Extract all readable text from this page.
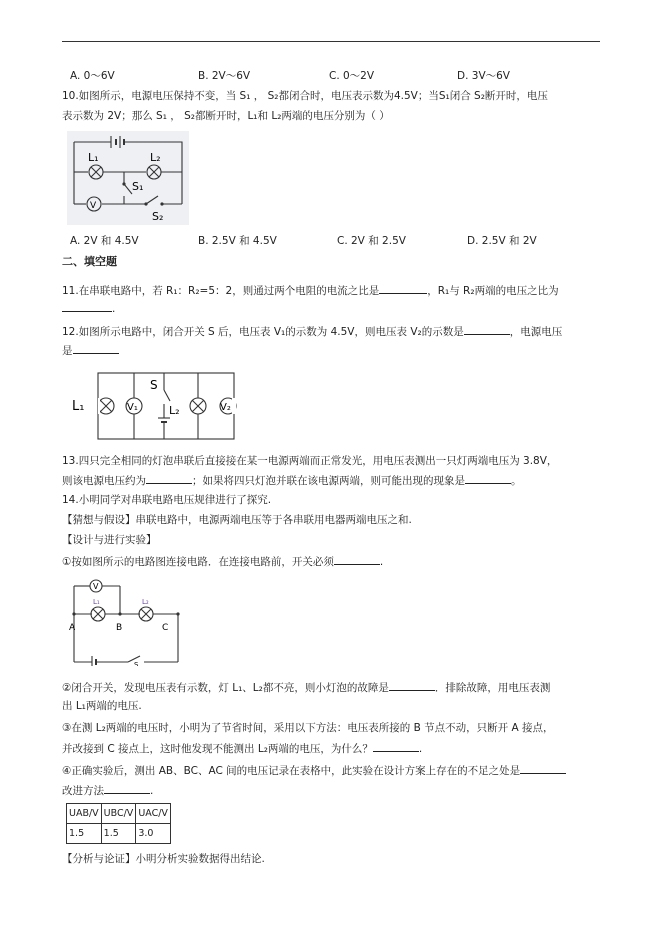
A. 0～6V	B. 2V～6V	C. 0～2V	D. 3V～6V
10.如图所示，电源电压保持不变，当 S₁ ， S₂都闭合时，电压表示数为4.5V；当S₁闭合 S₂断开时，电压
表示数为 2V；那么 S₁ ， S₂都断开时，L₁和 L₂两端的电压分别为（ ）
L₁	L₂
S₁
V
S₂
A. 2V 和 4.5V	B. 2.5V 和 4.5V	C. 2V 和 2.5V	D. 2.5V 和 2V
二、填空题
11.在串联电路中，若 R₁：R₂=5：2，则通过两个电阻的电流之比是	，R₁与 R₂两端的电压之比为
.
12.如图所示电路中，闭合开关 S 后，电压表 V₁的示数为 4.5V，则电压表 V₂的示数是	，电源电压
是
L₁	V₁
S
L₂	V₂
13.四只完全相同的灯泡串联后直接接在某一电源两端而正常发光，用电压表测出一只灯两端电压为 3.8V，
则该电源电压约为	；如果将四只灯泡并联在该电源两端，则可能出现的现象是	。
14.小明同学对串联电路电压规律进行了探究.
【猜想与假设】串联电路中，电源两端电压等于各串联用电器两端电压之和.
【设计与进行实验】
①按如图所示的电路图连接电路．在连接电路前，开关必须	.
V
L₁	L₂
A	B	C
S
②闭合开关，发现电压表有示数，灯 L₁、L₂都不亮，则小灯泡的故障是	．排除故障，用电压表测
出 L₁两端的电压.
③在测 L₂两端的电压时，小明为了节省时间，采用以下方法：电压表所接的 B 节点不动，只断开 A 接点，
并改接到 C 接点上，这时他发现不能测出 L₂两端的电压，为什么？	.
④正确实验后，测出 AB、BC、AC 间的电压记录在表格中，此实验在设计方案上存在的不足之处是
改进方法	.
UAB/V	UBC/V	UAC/V
1.5	1.5	3.0
【分析与论证】小明分析实验数据得出结论.
